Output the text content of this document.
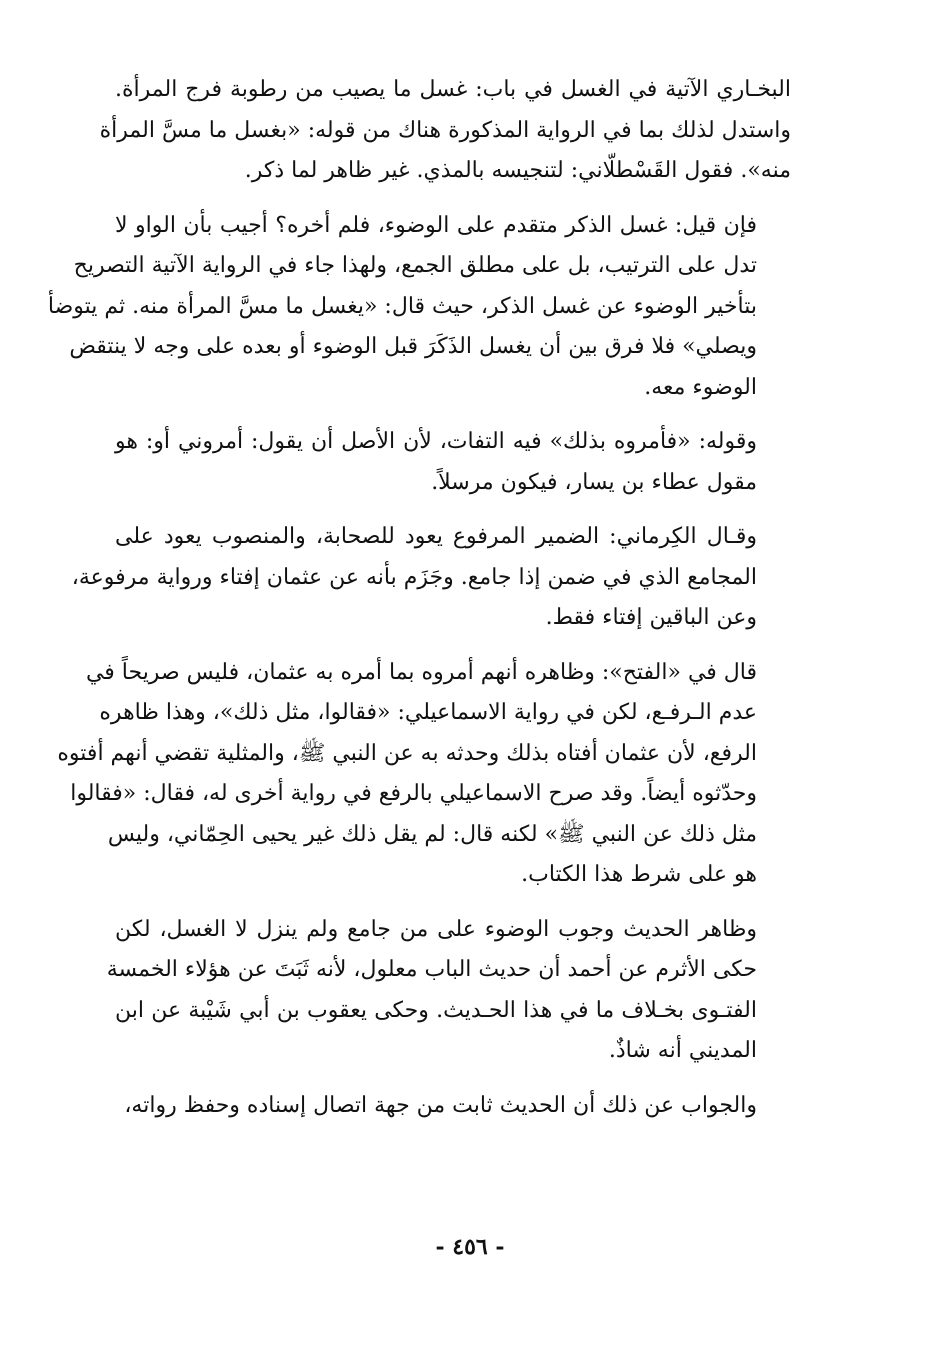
البخـاري الآتية في الغسل في باب: غسل ما يصيب من رطوبة فرج المرأة.
واستدل لذلك بما في الرواية المذكورة هناك من قوله: «بغسل ما مسَّ المرأة
منه». فقول القَسْطلّاني: لتنجيسه بالمذي. غير ظاهر لما ذكر.

فإن قيل: غسل الذكر متقدم على الوضوء، فلم أخره؟ أجيب بأن الواو لا
تدل على الترتيب، بل على مطلق الجمع، ولهذا جاء في الرواية الآتية التصريح
بتأخير الوضوء عن غسل الذكر، حيث قال: «يغسل ما مسَّ المرأة منه. ثم يتوضأ
ويصلي» فلا فرق بين أن يغسل الذَكَرَ قبل الوضوء أو بعده على وجه لا ينتقض
الوضوء معه.

وقوله: «فأمروه بذلك» فيه التفات، لأن الأصل أن يقول: أمروني أو: هو
مقول عطاء بن يسار، فيكون مرسلاً.

وقـال الكِرماني: الضمير المرفوع يعود للصحابة، والمنصوب يعود على
المجامع الذي في ضمن إذا جامع. وجَزَم بأنه عن عثمان إفتاء ورواية مرفوعة،
وعن الباقين إفتاء فقط.

قال في «الفتح»: وظاهره أنهم أمروه بما أمره به عثمان، فليس صريحاً في
عدم الـرفـع، لكن في رواية الاسماعيلي: «فقالوا، مثل ذلك»، وهذا ظاهره
الرفع، لأن عثمان أفتاه بذلك وحدثه به عن النبي ﷺ، والمثلية تقضي أنهم أفتوه
وحدّثوه أيضاً. وقد صرح الاسماعيلي بالرفع في رواية أخرى له، فقال: «فقالوا
مثل ذلك عن النبي ﷺ» لكنه قال: لم يقل ذلك غير يحيى الحِمّاني، وليس
هو على شرط هذا الكتاب.

وظاهر الحديث وجوب الوضوء على من جامع ولم ينزل لا الغسل، لكن
حكى الأثرم عن أحمد أن حديث الباب معلول، لأنه ثَبَتَ عن هؤلاء الخمسة
الفتـوى بخـلاف ما في هذا الحـديث. وحكى يعقوب بن أبي شَيْبة عن ابن
المديني أنه شاذٌ.

والجواب عن ذلك أن الحديث ثابت من جهة اتصال إسناده وحفظ رواته،

- ٤٥٦ -
